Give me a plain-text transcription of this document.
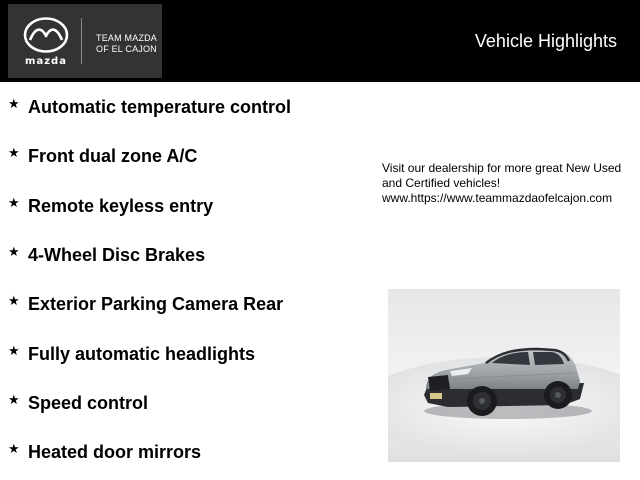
mazda
TEAM MAZDA
OF EL CAJON	Vehicle Highlights
★ Automatic temperature control
★ Front dual zone A/C
★ Remote keyless entry
★ 4-Wheel Disc Brakes
★ Exterior Parking Camera Rear
★ Fully automatic headlights
★ Speed control
★ Heated door mirrors
Visit our dealership for more great New Used
and Certified vehicles!
www.https://www.teammazdaofelcajon.com
